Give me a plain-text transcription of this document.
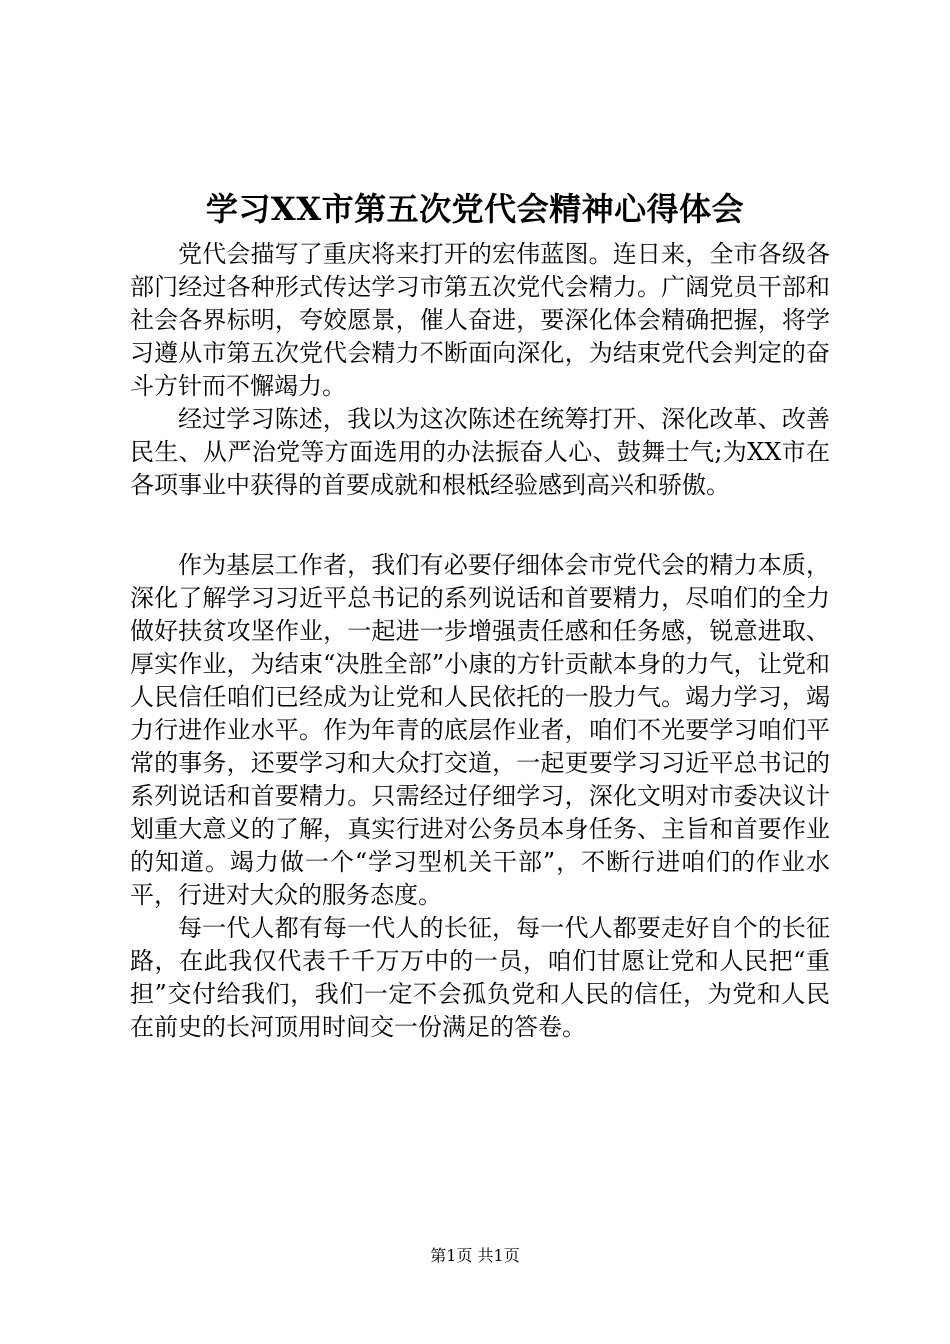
学习XX市第五次党代会精神心得体会

党代会描写了重庆将来打开的宏伟蓝图。连日来，全市各级各部门经过各种形式传达学习市第五次党代会精力。广阔党员干部和社会各界标明，夸姣愿景，催人奋进，要深化体会精确把握，将学习遵从市第五次党代会精力不断面向深化，为结束党代会判定的奋斗方针而不懈竭力。

经过学习陈述，我以为这次陈述在统筹打开、深化改革、改善民生、从严治党等方面选用的办法振奋人心、鼓舞士气;为XX市在各项事业中获得的首要成就和根柢经验感到高兴和骄傲。

作为基层工作者，我们有必要仔细体会市党代会的精力本质，深化了解学习习近平总书记的系列说话和首要精力，尽咱们的全力做好扶贫攻坚作业，一起进一步增强责任感和任务感，锐意进取、厚实作业，为结束“决胜全部”小康的方针贡献本身的力气，让党和人民信任咱们已经成为让党和人民依托的一股力气。竭力学习，竭力行进作业水平。作为年青的底层作业者，咱们不光要学习咱们平常的事务，还要学习和大众打交道，一起更要学习习近平总书记的系列说话和首要精力。只需经过仔细学习，深化文明对市委决议计划重大意义的了解，真实行进对公务员本身任务、主旨和首要作业的知道。竭力做一个“学习型机关干部”，不断行进咱们的作业水平，行进对大众的服务态度。

每一代人都有每一代人的长征，每一代人都要走好自个的长征路，在此我仅代表千千万万中的一员，咱们甘愿让党和人民把“重担”交付给我们，我们一定不会孤负党和人民的信任，为党和人民在前史的长河顶用时间交一份满足的答卷。

第1页 共1页
